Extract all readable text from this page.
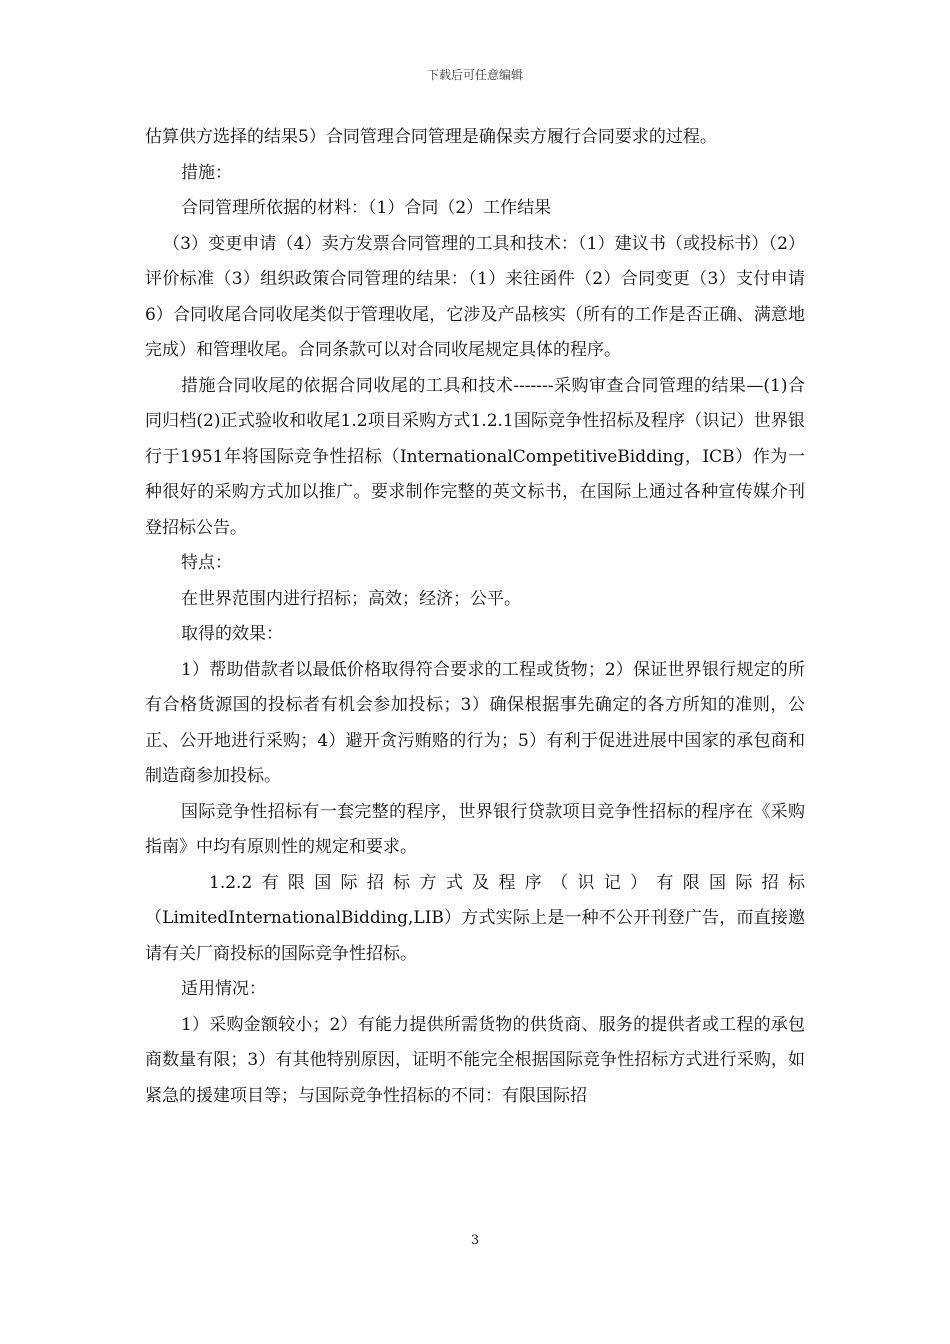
下载后可任意编辑

估算供方选择的结果5）合同管理合同管理是确保卖方履行合同要求的过程。

措施：

合同管理所依据的材料：（1）合同（2）工作结果

（3）变更申请（4）卖方发票合同管理的工具和技术：（1）建议书（或投标书）（2）评价标准（3）组织政策合同管理的结果：（1）来往函件（2）合同变更（3）支付申请6）合同收尾合同收尾类似于管理收尾，它涉及产品核实（所有的工作是否正确、满意地完成）和管理收尾。合同条款可以对合同收尾规定具体的程序。

措施合同收尾的依据合同收尾的工具和技术-------采购审查合同管理的结果—(1)合同归档(2)正式验收和收尾1.2项目采购方式1.2.1国际竞争性招标及程序（识记）世界银行于1951年将国际竞争性招标（InternationalCompetitiveBidding，ICB）作为一种很好的采购方式加以推广。要求制作完整的英文标书，在国际上通过各种宣传媒介刊登招标公告。

特点：

在世界范围内进行招标；高效；经济；公平。

取得的效果：

1）帮助借款者以最低价格取得符合要求的工程或货物；2）保证世界银行规定的所有合格货源国的投标者有机会参加投标；3）确保根据事先确定的各方所知的准则，公正、公开地进行采购；4）避开贪污贿赂的行为；5）有利于促进进展中国家的承包商和制造商参加投标。

国际竞争性招标有一套完整的程序，世界银行贷款项目竞争性招标的程序在《采购指南》中均有原则性的规定和要求。

1.2.2有限国际招标方式及程序（识记）有限国际招标（LimitedInternationalBidding,LIB）方式实际上是一种不公开刊登广告，而直接邀请有关厂商投标的国际竞争性招标。

适用情况：

1）采购金额较小；2）有能力提供所需货物的供货商、服务的提供者或工程的承包商数量有限；3）有其他特别原因，证明不能完全根据国际竞争性招标方式进行采购，如紧急的援建项目等；与国际竞争性招标的不同：有限国际招

3
